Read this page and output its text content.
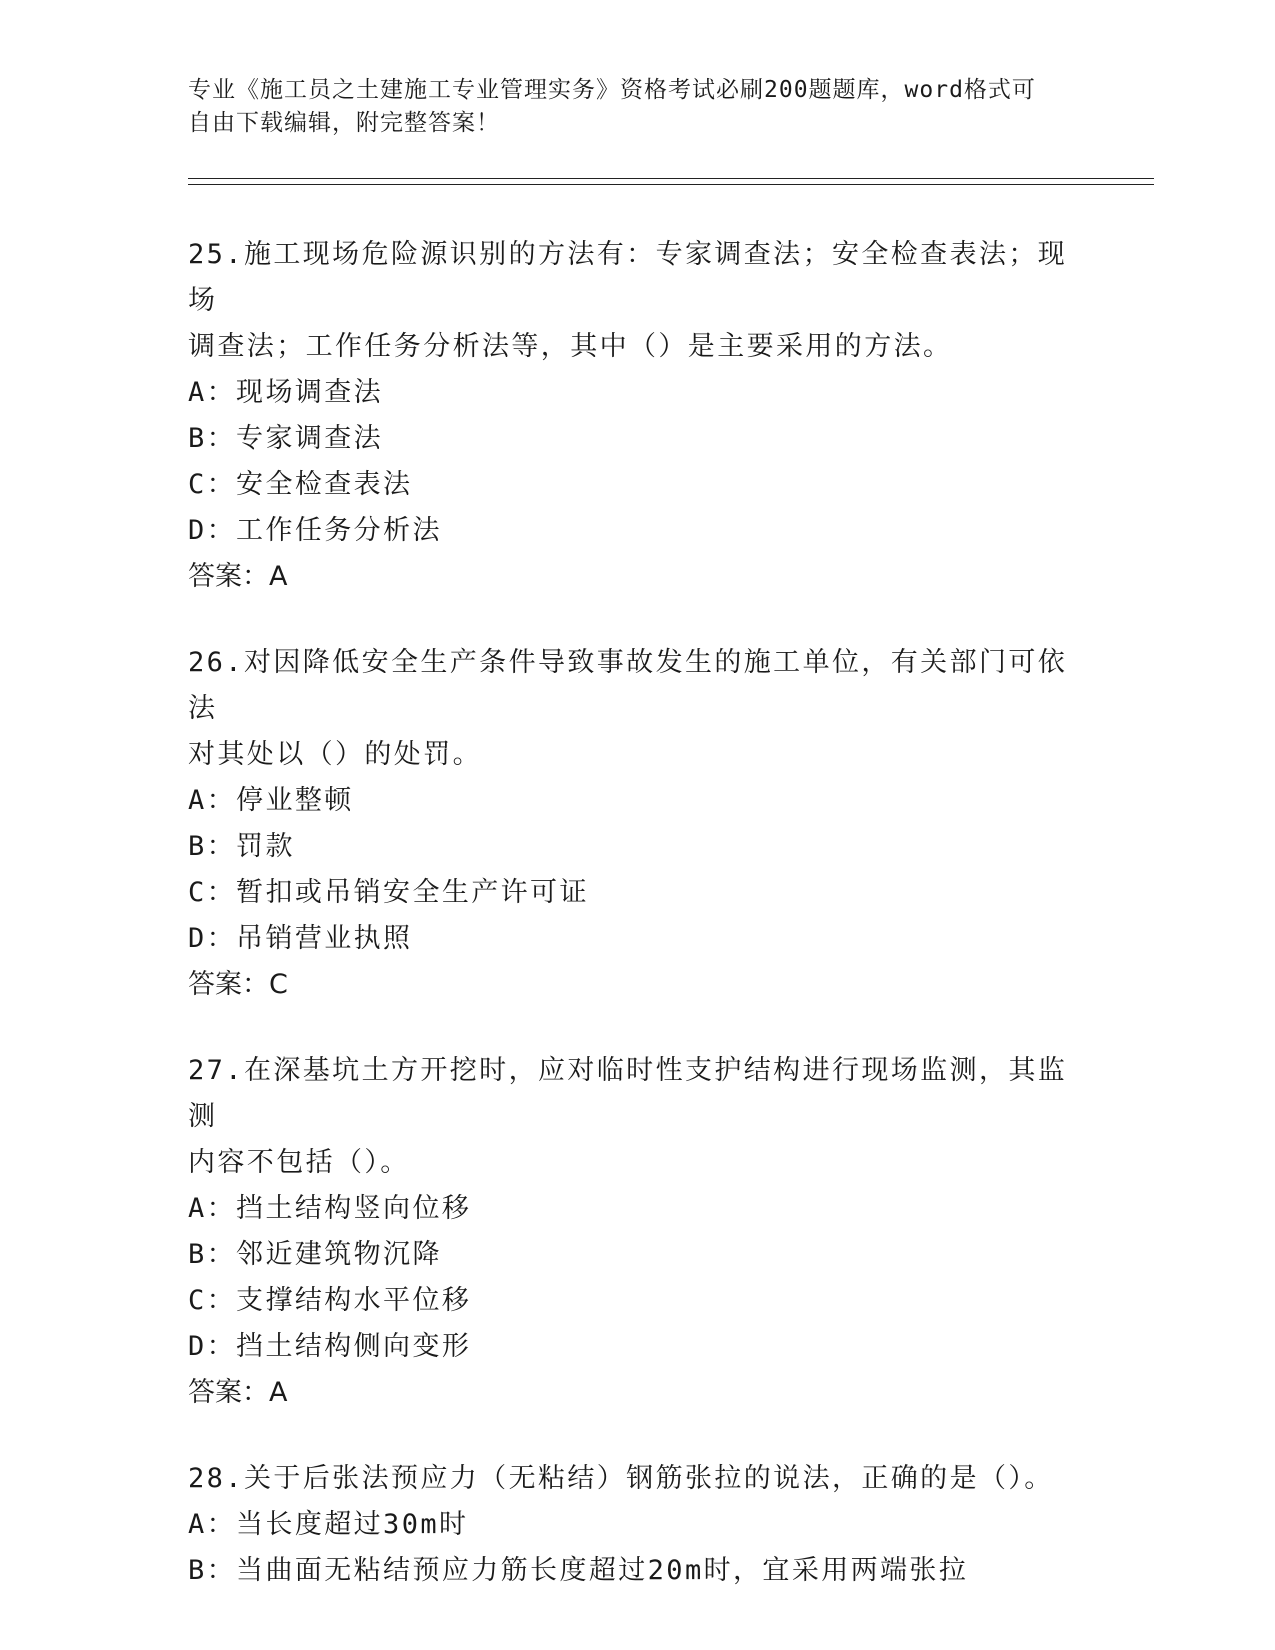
专业《施工员之土建施工专业管理实务》资格考试必刷200题题库，word格式可
自由下载编辑，附完整答案！
25.施工现场危险源识别的方法有：专家调查法；安全检查表法；现场
调查法；工作任务分析法等，其中（）是主要采用的方法。
A：现场调查法
B：专家调查法
C：安全检查表法
D：工作任务分析法
答案：A
26.对因降低安全生产条件导致事故发生的施工单位，有关部门可依法
对其处以（）的处罚。
A：停业整顿
B：罚款
C：暂扣或吊销安全生产许可证
D：吊销营业执照
答案：C
27.在深基坑土方开挖时，应对临时性支护结构进行现场监测，其监测
内容不包括（）。
A：挡土结构竖向位移
B：邻近建筑物沉降
C：支撑结构水平位移
D：挡土结构侧向变形
答案：A
28.关于后张法预应力（无粘结）钢筋张拉的说法，正确的是（）。
A：当长度超过30m时
B：当曲面无粘结预应力筋长度超过20m时，宜采用两端张拉
